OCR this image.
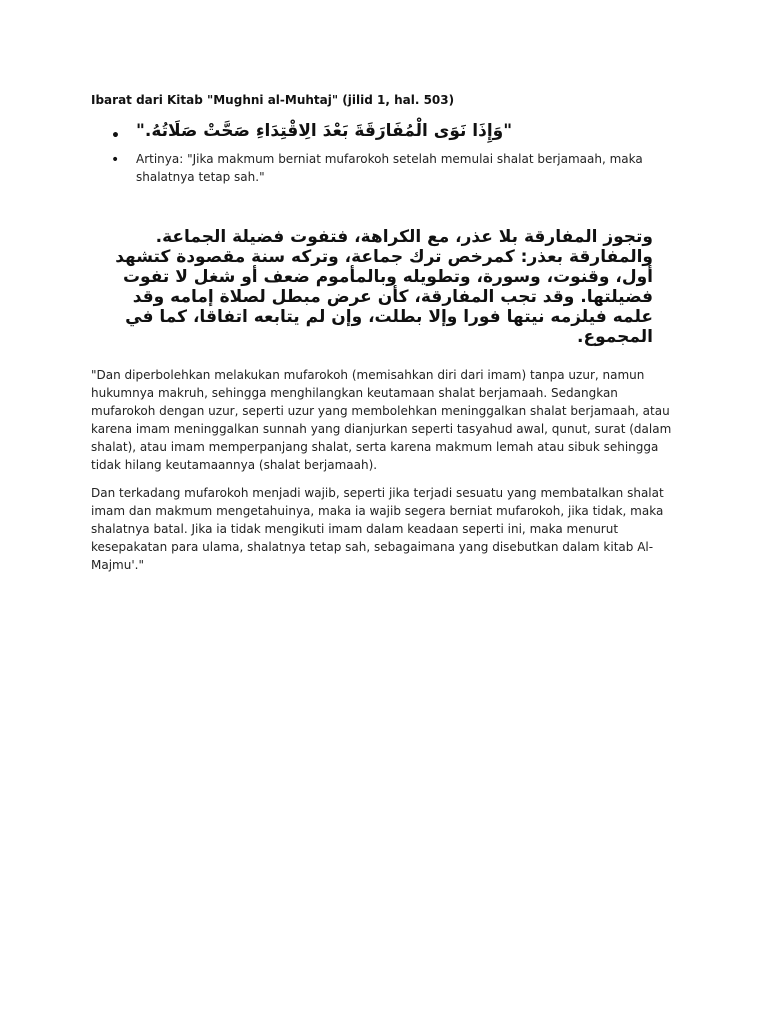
Ibarat dari Kitab "Mughni al-Muhtaj" (jilid 1, hal. 503)
• "وَإِذَا نَوَى الْمُفَارَقَةَ بَعْدَ الِاقْتِدَاءِ صَحَّتْ صَلَاتُهُ."
• Artinya: "Jika makmum berniat mufarokoh setelah memulai shalat berjamaah, maka shalatnya tetap sah."
وتجوز المفارقة بلا عذر، مع الكراهة، فتفوت فضيلة الجماعة. والمفارقة بعذر: كمرخص ترك جماعة، وتركه سنة مقصودة كتشهد أول، وقنوت، وسورة، وتطويله وبالمأموم ضعف أو شغل لا تفوت فضيلتها. وقد تجب المفارقة، كأن عرض مبطل لصلاة إمامه وقد علمه فيلزمه نيتها فورا وإلا بطلت، وإن لم يتابعه اتفاقا، كما في المجموع.

"Dan diperbolehkan melakukan mufarokoh (memisahkan diri dari imam) tanpa uzur, namun hukumnya makruh, sehingga menghilangkan keutamaan shalat berjamaah. Sedangkan mufarokoh dengan uzur, seperti uzur yang membolehkan meninggalkan shalat berjamaah, atau karena imam meninggalkan sunnah yang dianjurkan seperti tasyahud awal, qunut, surat (dalam shalat), atau imam memperpanjang shalat, serta karena makmum lemah atau sibuk sehingga tidak hilang keutamaannya (shalat berjamaah).

Dan terkadang mufarokoh menjadi wajib, seperti jika terjadi sesuatu yang membatalkan shalat imam dan makmum mengetahuinya, maka ia wajib segera berniat mufarokoh, jika tidak, maka shalatnya batal. Jika ia tidak mengikuti imam dalam keadaan seperti ini, maka menurut kesepakatan para ulama, shalatnya tetap sah, sebagaimana yang disebutkan dalam kitab Al-Majmu'."
